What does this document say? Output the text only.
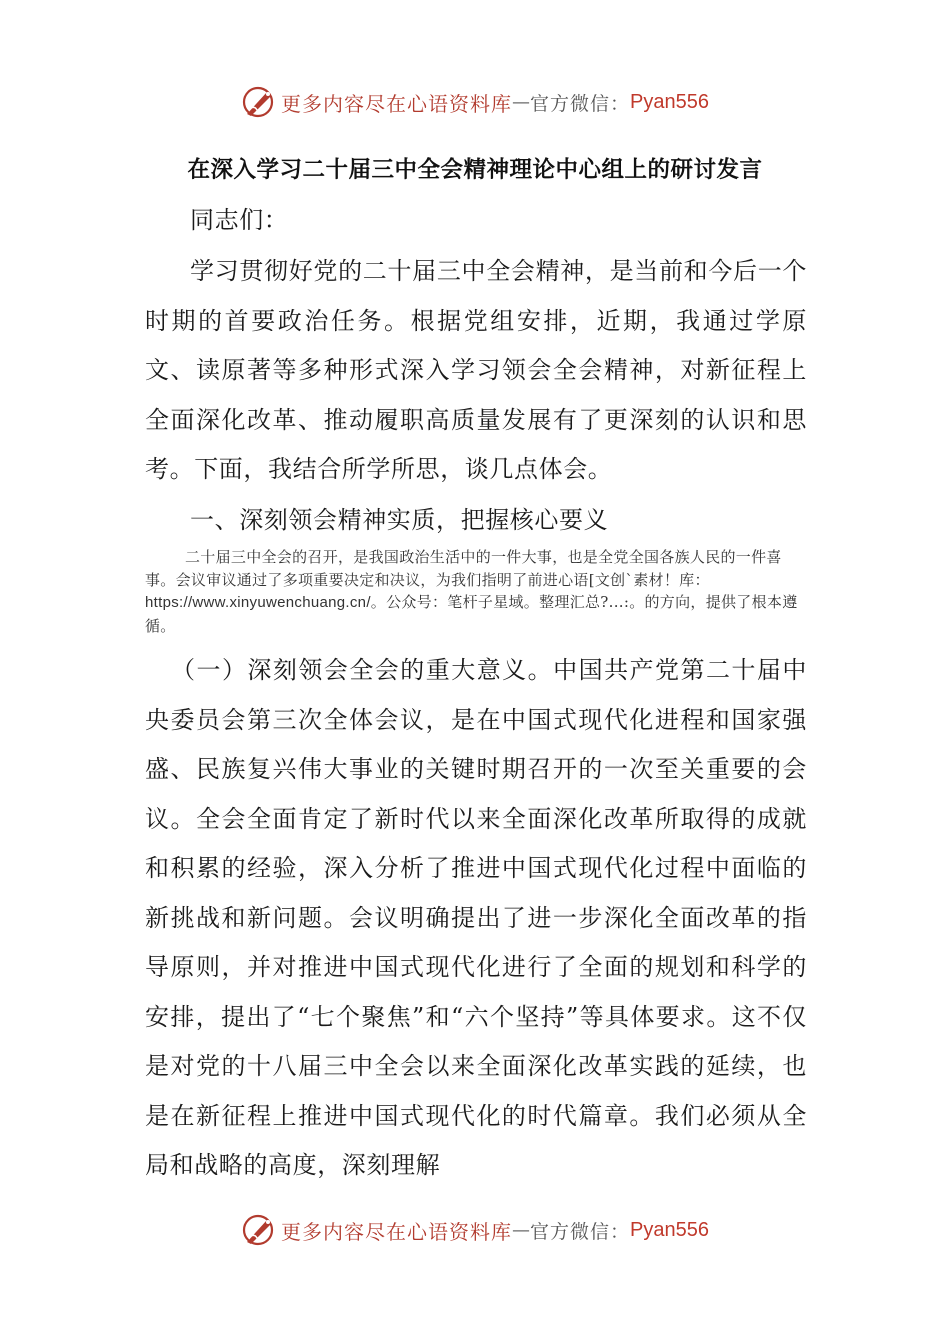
更多内容尽在心语资料库 — 官方微信： Pyan556
在深入学习二十届三中全会精神理论中心组上的研讨发言
同志们：
学习贯彻好党的二十届三中全会精神，是当前和今后一个时期的首要政治任务。根据党组安排，近期，我通过学原文、读原著等多种形式深入学习领会全会精神，对新征程上全面深化改革、推动履职高质量发展有了更深刻的认识和思考。下面，我结合所学所思，谈几点体会。
一、深刻领会精神实质，把握核心要义
二十届三中全会的召开，是我国政治生活中的一件大事，也是全党全国各族人民的一件喜事。会议审议通过了多项重要决定和决议，为我们指明了前进心语[文创`素材！库：https://www.xinyuwenchuang.cn/。公众号：笔杆子星域。整理汇总?...:。的方向，提供了根本遵循。
（一）深刻领会全会的重大意义。中国共产党第二十届中央委员会第三次全体会议，是在中国式现代化进程和国家强盛、民族复兴伟大事业的关键时期召开的一次至关重要的会议。全会全面肯定了新时代以来全面深化改革所取得的成就和积累的经验，深入分析了推进中国式现代化过程中面临的新挑战和新问题。会议明确提出了进一步深化全面改革的指导原则，并对推进中国式现代化进行了全面的规划和科学的安排，提出了“七个聚焦”和“六个坚持”等具体要求。这不仅是对党的十八届三中全会以来全面深化改革实践的延续，也是在新征程上推进中国式现代化的时代篇章。我们必须从全局和战略的高度，深刻理解
更多内容尽在心语资料库 — 官方微信： Pyan556
